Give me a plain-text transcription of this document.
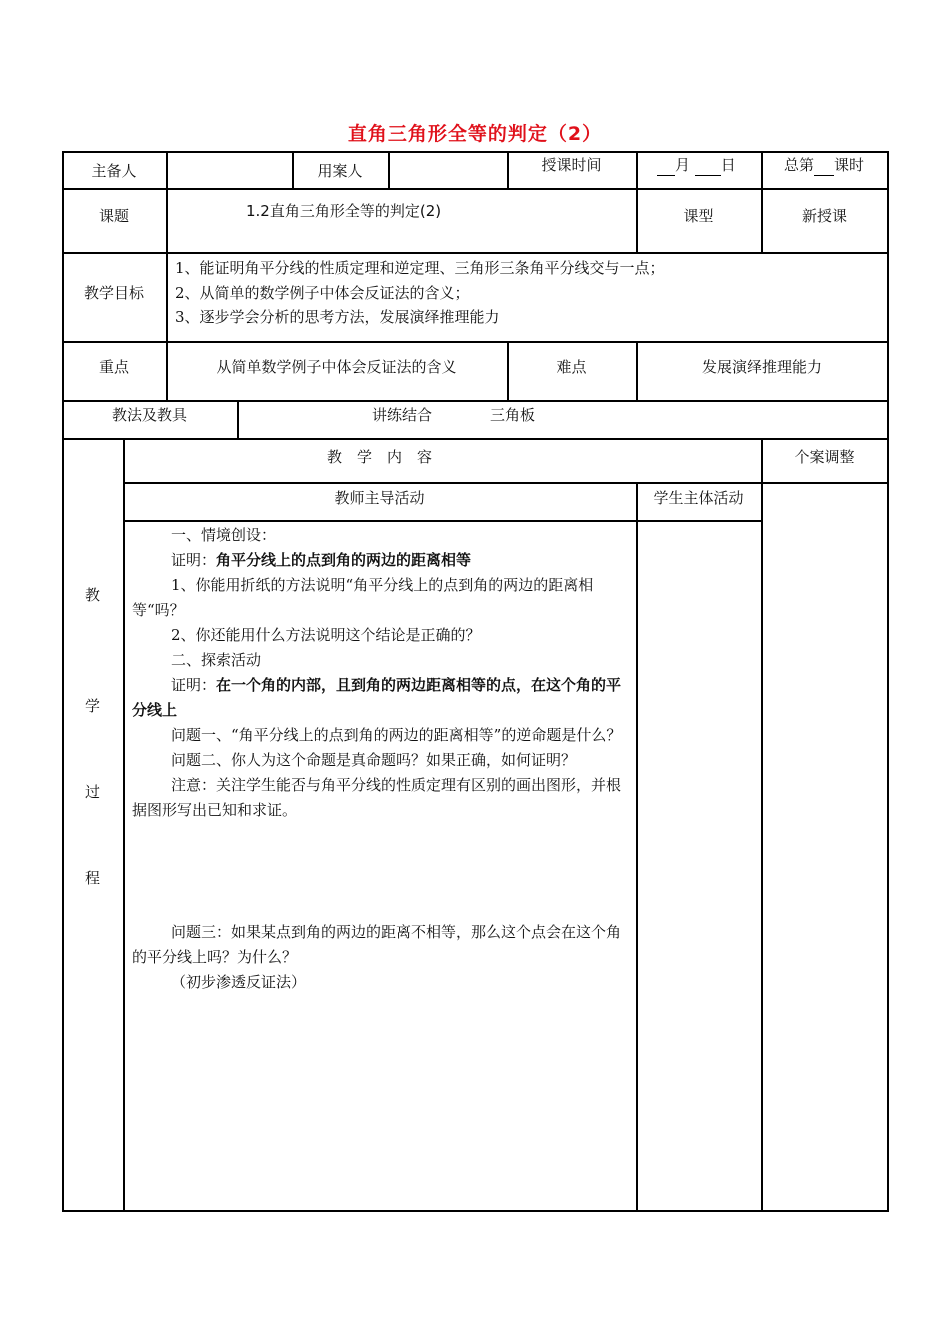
直角三角形全等的判定（2）
主备人	用案人	授课时间	月 日	总第 课时
课题	1.2直角三角形全等的判定(2)	课型	新授课
教学目标
1、能证明角平分线的性质定理和逆定理、三角形三条角平分线交与一点；
2、从简单的数学例子中体会反证法的含义；
3、逐步学会分析的思考方法，发展演绎推理能力
重点	从简单数学例子中体会反证法的含义	难点	发展演绎推理能力
教法及教具	讲练结合	三角板
教
学
过
程
教　学　内　容	个案调整
教师主导活动	学生主体活动

一、情境创设：

证明：角平分线上的点到角的两边的距离相等

1、你能用折纸的方法说明“角平分线上的点到角的两边的距离相等“吗？

2、你还能用什么方法说明这个结论是正确的？

二、探索活动

证明：在一个角的内部，且到角的两边距离相等的点，在这个角的平分线上

问题一、“角平分线上的点到角的两边的距离相等”的逆命题是什么？

问题二、你人为这个命题是真命题吗？如果正确，如何证明？

注意：关注学生能否与角平分线的性质定理有区别的画出图形，并根据图形写出已知和求证。

问题三：如果某点到角的两边的距离不相等，那么这个点会在这个角的平分线上吗？为什么？

（初步渗透反证法）
